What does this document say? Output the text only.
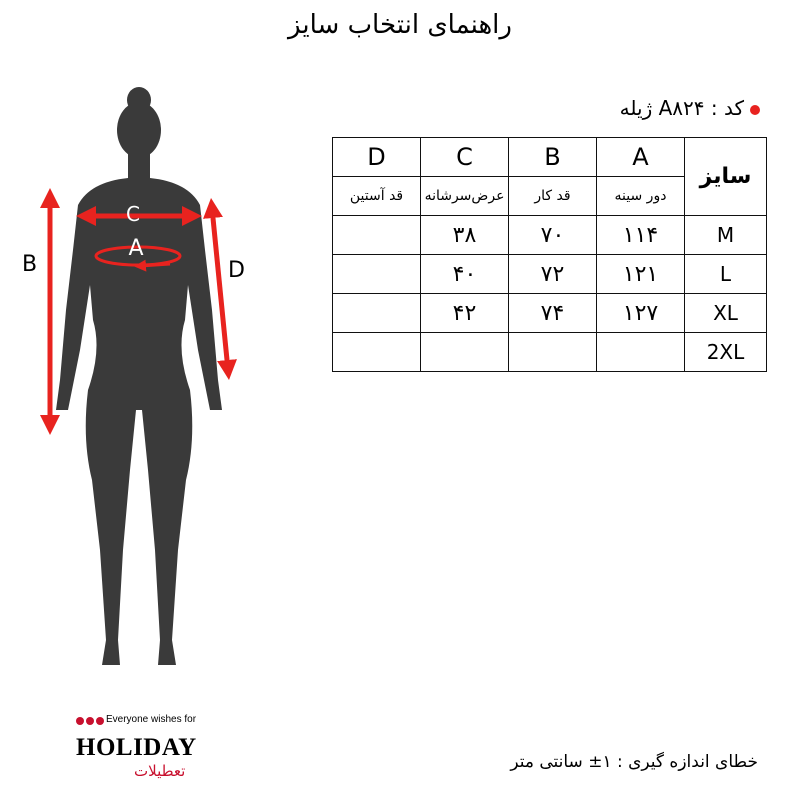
راهنمای انتخاب سایز
کد : A۸۲۴ ژیله
C
A
B	D
D	C	B	A	سایز
قد آستین	عرض‌سرشانه	قد کار	دور سینه	
	۳۸	۷۰	۱۱۴	M
	۴۰	۷۲	۱۲۱	L
	۴۲	۷۴	۱۲۷	XL
				2XL
Everyone wishes for
HOLIDAY
تعطیلات	خطای اندازه گیری : ۱± سانتی متر
